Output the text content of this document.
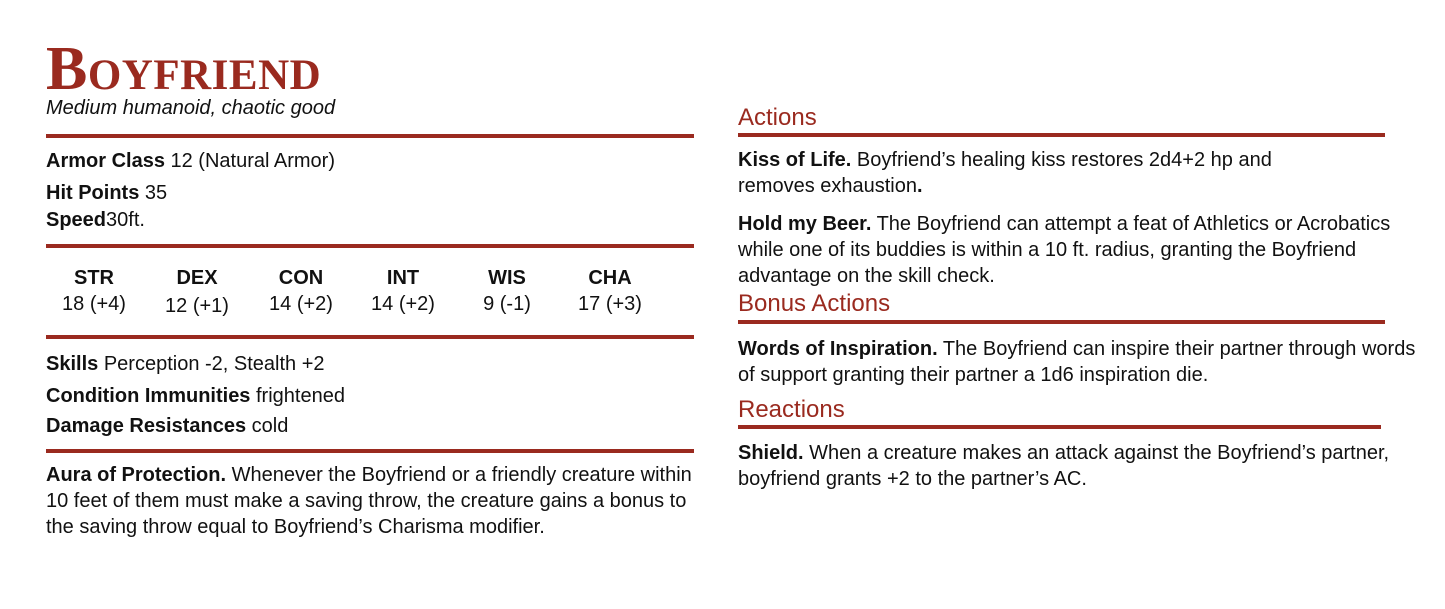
Boyfriend
Medium humanoid, chaotic good
Armor Class 12 (Natural Armor)
Hit Points 35
Speed30ft.
STR
18 (+4)
DEX
12 (+1)
CON
14 (+2)
INT
14 (+2)
WIS
9 (-1)
CHA
17 (+3)
Skills Perception -2, Stealth +2
Condition Immunities frightened
Damage Resistances cold
Aura of Protection. Whenever the Boyfriend or a friendly creature within 10 feet of them must make a saving throw, the creature gains a bonus to the saving throw equal to Boyfriend’s Charisma modifier.
Actions
Kiss of Life. Boyfriend’s healing kiss restores 2d4+2 hp and removes exhaustion.
Hold my Beer. The Boyfriend can attempt a feat of Athletics or Acrobatics while one of its buddies is within a 10 ft. radius, granting the Boyfriend advantage on the skill check.
Bonus Actions
Words of Inspiration. The Boyfriend can inspire their partner through words of support granting their partner a 1d6 inspiration die.
Reactions
Shield. When a creature makes an attack against the Boyfriend’s partner, boyfriend grants +2 to the partner’s AC.
